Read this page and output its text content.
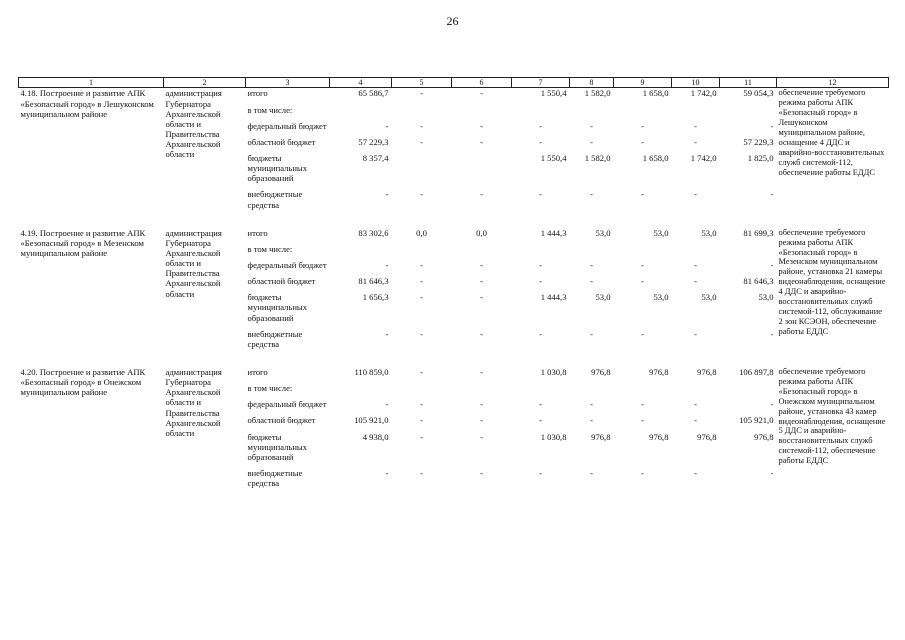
26
1	2	3	4	5	6	7	8	9	10	11	12
4.18. Построение и развитие АПК «Безопасный город» в Лешуконском муниципальном районе	администрация Губернатора Архангельской области и Правительства Архангельской области	итого	65 586,7	-	-	1 550,4	1 582,0	1 658,0	1 742,0	59 054,3	обеспечение требуемого режима работы АПК «Безопасный город» в Лешуконском муниципальном районе, оснащение 4 ДДС и аварийно-восстановительных служб системой-112, обеспечение работы ЕДДС
		в том числе:									
		федеральный бюджет	-	-	-	-	-	-	-	-	
		областной бюджет	57 229,3	-	-	-	-	-	-	57 229,3	
		бюджеты муниципальных образований	8 357,4			1 550,4	1 582,0	1 658,0	1 742,0	1 825,0	
		внебюджетные средства	-	-	-	-	-	-	-	-	
4.19. Построение и развитие АПК «Безопасный город» в Мезенском муниципальном районе	администрация Губернатора Архангельской области и Правительства Архангельской области	итого	83 302,6	0,0	0,0	1 444,3	53,0	53,0	53,0	81 699,3	обеспечение требуемого режима работы АПК «Безопасный город» в Мезенском муниципальном районе, установка 21 камеры видеонаблюдения, оснащение 4 ДДС и аварийно-восстановительных служб системой-112, обслуживание 2 зон КСЭОН, обеспечение работы ЕДДС
		в том числе:									
		федеральный бюджет	-	-	-	-	-	-	-	-	
		областной бюджет	81 646,3	-	-	-	-	-	-	81 646,3	
		бюджеты муниципальных образований	1 656,3	-	-	1 444,3	53,0	53,0	53,0	53,0	
		внебюджетные средства	-	-	-	-	-	-	-	-	
4.20. Построение и развитие АПК «Безопасный город» в Онежском муниципальном районе	администрация Губернатора Архангельской области и Правительства Архангельской области	итого	110 859,0	-	-	1 030,8	976,8	976,8	976,8	106 897,8	обеспечение требуемого режима работы АПК «Безопасный город» в Онежском муниципальном районе, установка 43 камер видеонаблюдения, оснащение 5 ДДС и аварийно-восстановительных служб системой-112, обеспечение работы ЕДДС
		в том числе:									
		федеральный бюджет	-	-	-	-	-	-	-	-	
		областной бюджет	105 921,0	-	-	-	-	-	-	105 921,0	
		бюджеты муниципальных образований	4 938,0	-	-	1 030,8	976,8	976,8	976,8	976,8	
		внебюджетные средства	-	-	-	-	-	-	-	-	
